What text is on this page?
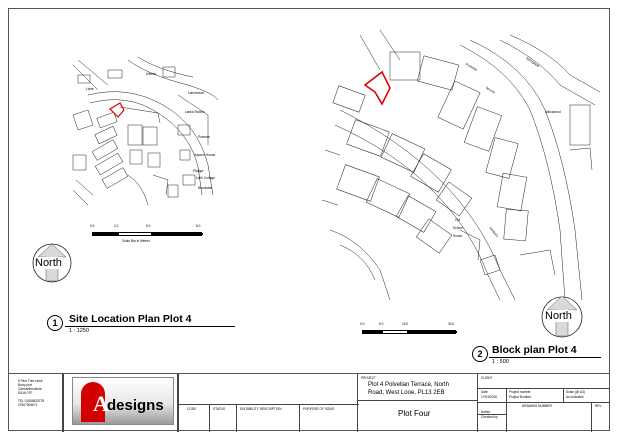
Alberta
Latchmead
Lisbe
Lanka Robins
Polmore
Haymor House
Ridge
Leith Cottage
Brookside
0.0	2.0	5.0	8.0
Scale Bar in Metres
North
1	Site Location Plan Plot 4
1 : 1250
Springfield
Polvellan
Terrace
Old
School
House
Allmawood
Kenbury
0.0	5.0	15.0	30.0
North
2 Block plan Plot 4
1 : 500
6 Pine Tree close
Burry port
Carmarthenshire
SA16 0TF
TEL 01554833725
07507504671	A
designs	CODE	STATUS	SUITABILITY DESCRIPTION	PURPOSE OF ISSUE
PROJECT
Plot 4 Polvellan Terrace, North
Road, West Looe, PL13 2EB
Plot Four
CLIENT
Date
17/04/2026
Project number
Project Number
Scale (@ A3)
As indicated
Author
Checked by
DRAWING NUMBER	REV
